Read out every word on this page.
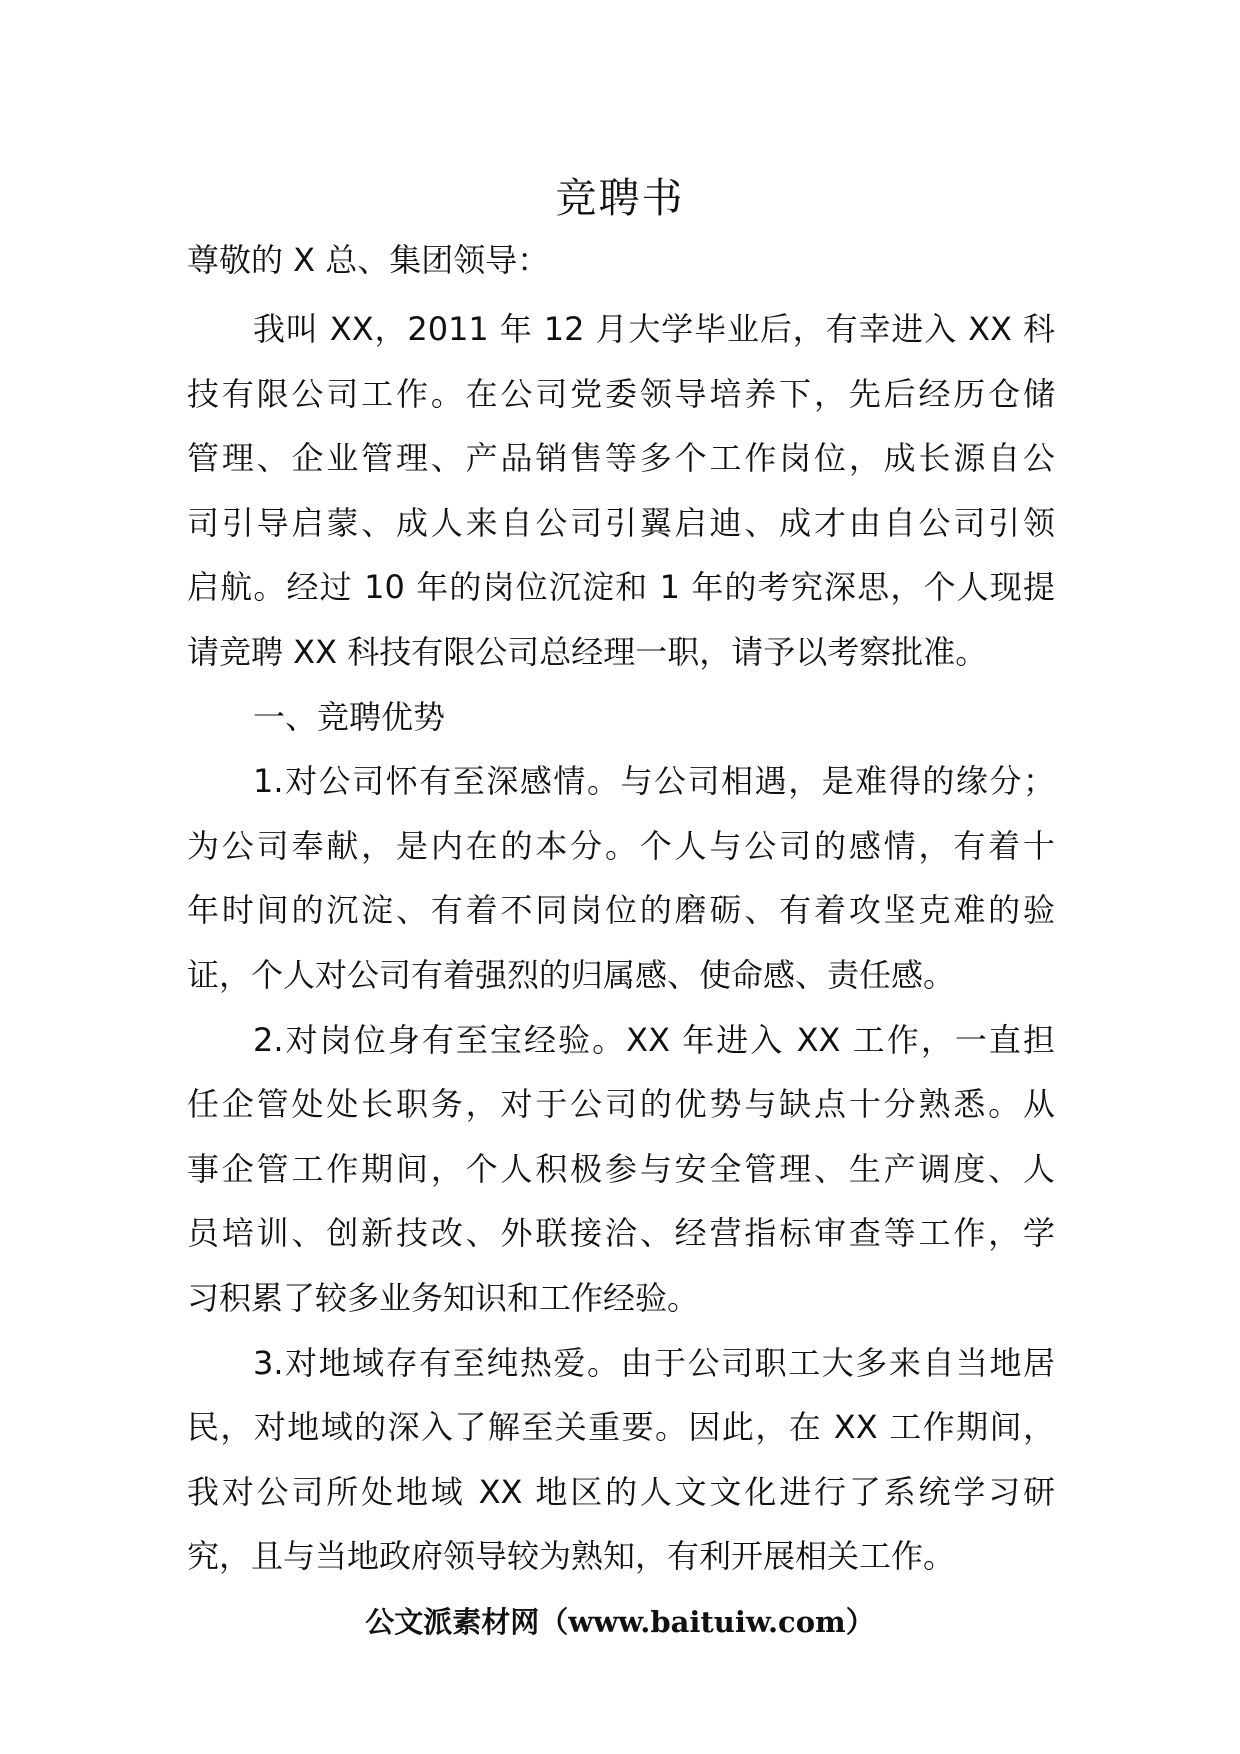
竞聘书
尊敬的 X 总、集团领导：
我叫 XX，2011 年 12 月大学毕业后，有幸进入 XX 科
技有限公司工作。在公司党委领导培养下，先后经历仓储
管理、企业管理、产品销售等多个工作岗位，成长源自公
司引导启蒙、成人来自公司引翼启迪、成才由自公司引领
启航。经过 10 年的岗位沉淀和 1 年的考究深思，个人现提
请竞聘 XX 科技有限公司总经理一职，请予以考察批准。
一、竞聘优势
1.对公司怀有至深感情。与公司相遇，是难得的缘分；
为公司奉献，是内在的本分。个人与公司的感情，有着十
年时间的沉淀、有着不同岗位的磨砺、有着攻坚克难的验
证，个人对公司有着强烈的归属感、使命感、责任感。
2.对岗位身有至宝经验。XX 年进入 XX 工作，一直担
任企管处处长职务，对于公司的优势与缺点十分熟悉。从
事企管工作期间，个人积极参与安全管理、生产调度、人
员培训、创新技改、外联接洽、经营指标审查等工作，学
习积累了较多业务知识和工作经验。
3.对地域存有至纯热爱。由于公司职工大多来自当地居
民，对地域的深入了解至关重要。因此，在 XX 工作期间，
我对公司所处地域 XX 地区的人文文化进行了系统学习研
究，且与当地政府领导较为熟知，有利开展相关工作。
公文派素材网（www.baituiw.com）
